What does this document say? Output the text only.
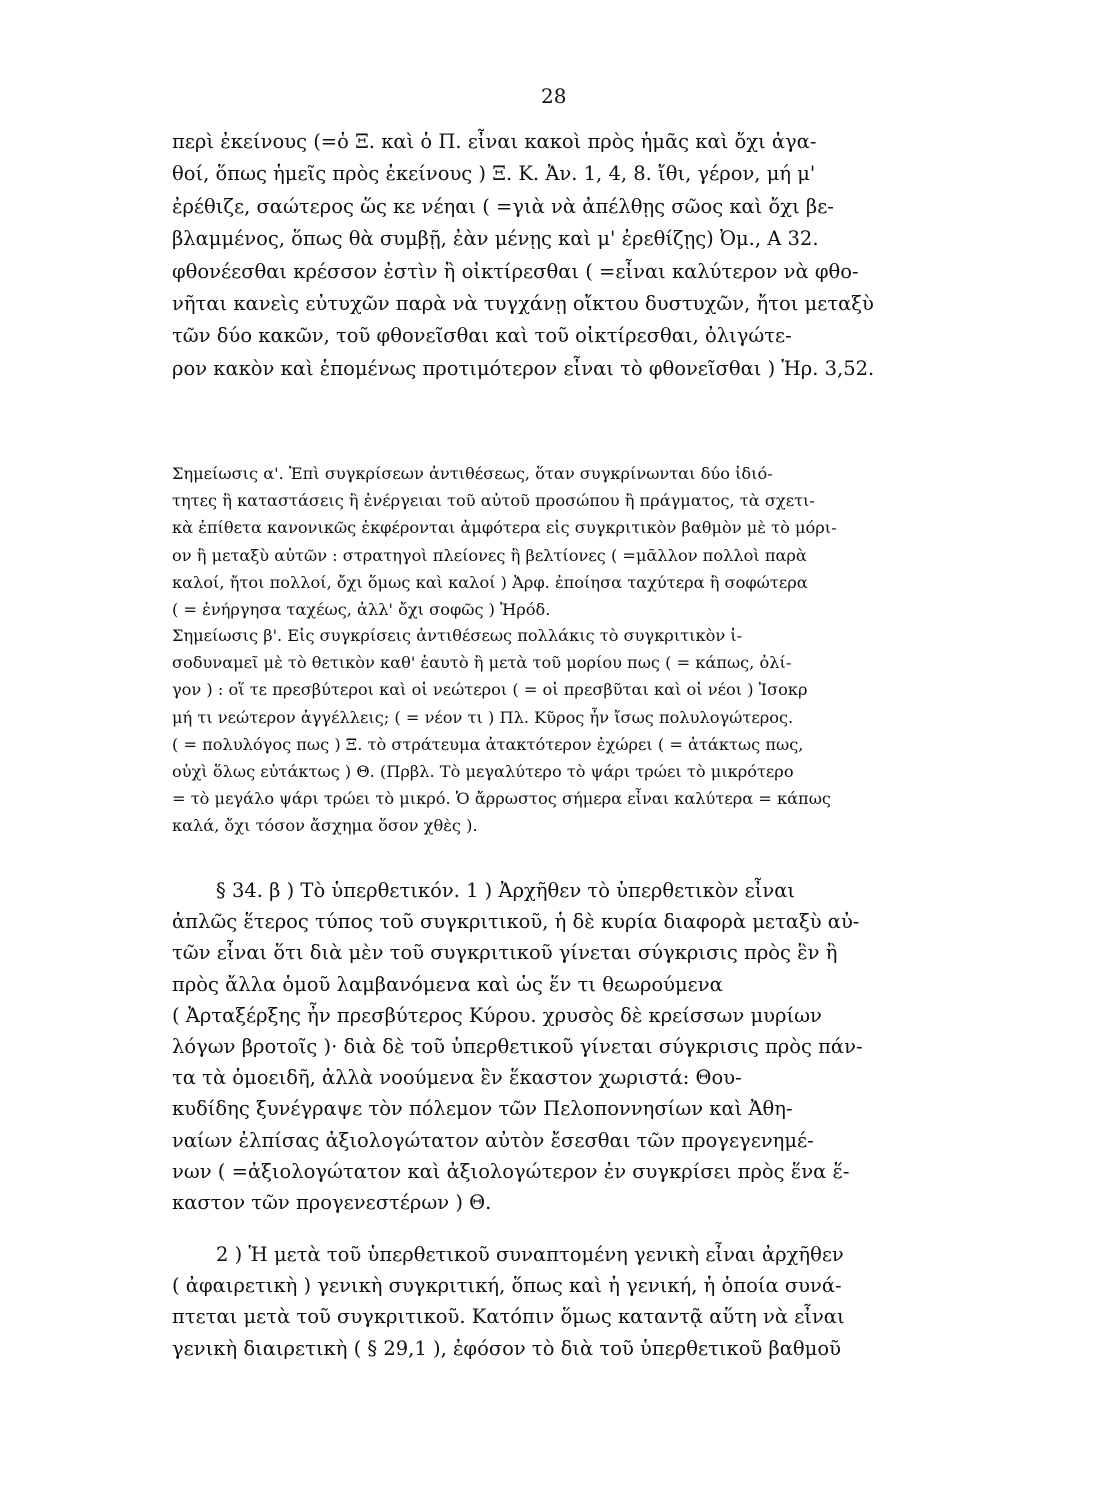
28
περὶ ἐκείνους (=ὁ Ξ. καὶ ὁ Π. εἶναι κακοὶ πρὸς ἡμᾶς καὶ ὄχι ἀγα-
θοί, ὅπως ἡμεῖς πρὸς ἐκείνους ) Ξ. Κ. Ἀν. 1, 4, 8. ἴθι, γέρον, μή μ'
ἐρέθιζε, σαώτερος ὥς κε νέηαι ( =γιὰ νὰ ἀπέλθῃς σῶος καὶ ὄχι βε-
βλαμμένος, ὅπως θὰ συμβῇ, ἐὰν μένῃς καὶ μ' ἐρεθίζῃς) Ὀμ., Α 32.
φθονέεσθαι κρέσσον ἐστὶν ἢ οἰκτίρεσθαι ( =εἶναι καλύτερον νὰ φθο-
νῆται κανεὶς εὐτυχῶν παρὰ νὰ τυγχάνῃ οἴκτου δυστυχῶν, ἤτοι μεταξὺ
τῶν δύο κακῶν, τοῦ φθονεῖσθαι καὶ τοῦ οἰκτίρεσθαι, ὀλιγώτε-
ρον κακὸν καὶ ἑπομένως προτιμότερον εἶναι τὸ φθονεῖσθαι ) Ἡρ. 3,52.
Σημείωσις α'. Ἐπὶ συγκρίσεων ἀντιθέσεως, ὅταν συγκρίνωνται δύο ἰδιό-
τητες ἢ καταστάσεις ἢ ἐνέργειαι τοῦ αὐτοῦ προσώπου ἢ πράγματος, τὰ σχετι-
κὰ ἐπίθετα κανονικῶς ἐκφέρονται ἀμφότερα εἰς συγκριτικὸν βαθμὸν μὲ τὸ μόρι-
ον ἢ μεταξὺ αὐτῶν : στρατηγοὶ πλείονες ἢ βελτίονες ( =μᾶλλον πολλοὶ παρὰ
καλοί, ἤτοι πολλοί, ὄχι ὅμως καὶ καλοί ) Ἀρφ. ἐποίησα ταχύτερα ἢ σοφώτερα
( = ἐνήργησα ταχέως, ἀλλ' ὄχι σοφῶς ) Ἡρόδ.
Σημείωσις β'. Εἰς συγκρίσεις ἀντιθέσεως πολλάκις τὸ συγκριτικὸν ἰ-
σοδυναμεῖ μὲ τὸ θετικὸν καθ' ἑαυτὸ ἢ μετὰ τοῦ μορίου πως ( = κάπως, ὀλί-
γον ) : οἵ τε πρεσβύτεροι καὶ οἱ νεώτεροι ( = οἱ πρεσβῦται καὶ οἱ νέοι ) Ἰσοκρ
μή τι νεώτερον ἀγγέλλεις; ( = νέον τι ) Πλ. Κῦρος ἦν ἴσως πολυλογώτερος.
( = πολυλόγος πως ) Ξ. τὸ στράτευμα ἀτακτότερον ἐχώρει ( = ἀτάκτως πως,
οὐχὶ ὅλως εὐτάκτως ) Θ. (Πρβλ. Τὸ μεγαλύτερο τὸ ψάρι τρώει τὸ μικρότερο
= τὸ μεγάλο ψάρι τρώει τὸ μικρό. Ὁ ἄρρωστος σήμερα εἶναι καλύτερα = κάπως
καλά, ὄχι τόσον ἄσχημα ὅσον χθὲς ).
§ 34. β ) Τὸ ὑπερθετικόν. 1 ) Ἀρχῆθεν τὸ ὑπερθετικὸν εἶναι
ἁπλῶς ἕτερος τύπος τοῦ συγκριτικοῦ, ἡ δὲ κυρία διαφορὰ μεταξὺ αὐ-
τῶν εἶναι ὅτι διὰ μὲν τοῦ συγκριτικοῦ γίνεται σύγκρισις πρὸς ἓν ἢ
πρὸς ἄλλα ὁμοῦ λαμβανόμενα καὶ ὡς ἕν τι θεωρούμενα
( Ἀρταξέρξης ἦν πρεσβύτερος Κύρου. χρυσὸς δὲ κρείσσων μυρίων
λόγων βροτοῖς )· διὰ δὲ τοῦ ὑπερθετικοῦ γίνεται σύγκρισις πρὸς πάν-
τα τὰ ὁμοειδῆ, ἀλλὰ νοούμενα ἓν ἕκαστον χωριστά: Θου-
κυδίδης ξυνέγραψε τὸν πόλεμον τῶν Πελοποννησίων καὶ Ἀθη-
ναίων ἐλπίσας ἀξιολογώτατον αὐτὸν ἔσεσθαι τῶν προγεγενημέ-
νων ( =ἀξιολογώτατον καὶ ἀξιολογώτερον ἐν συγκρίσει πρὸς ἕνα ἕ-
καστον τῶν προγενεστέρων ) Θ.
2 ) Ἡ μετὰ τοῦ ὑπερθετικοῦ συναπτομένη γενικὴ εἶναι ἀρχῆθεν
( ἀφαιρετικὴ ) γενικὴ συγκριτική, ὅπως καὶ ἡ γενική, ἡ ὁποία συνά-
πτεται μετὰ τοῦ συγκριτικοῦ. Κατόπιν ὅμως καταντᾷ αὕτη νὰ εἶναι
γενικὴ διαιρετικὴ ( § 29,1 ), ἐφόσον τὸ διὰ τοῦ ὑπερθετικοῦ βαθμοῦ
